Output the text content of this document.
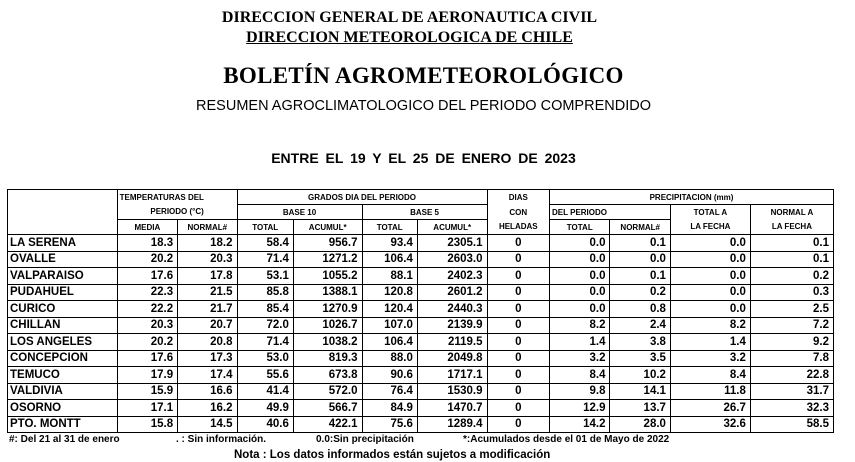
DIRECCION GENERAL DE AERONAUTICA CIVIL
DIRECCION METEOROLOGICA DE CHILE
BOLETÍN AGROMETEOROLÓGICO
RESUMEN AGROCLIMATOLOGICO DEL PERIODO COMPRENDIDO
ENTRE EL 19 Y EL 25 DE ENERO DE 2023
	TEMPERATURAS DEL		GRADOS DIA DEL PERIODO				DIAS	PRECIPITACION (mm)			
	PERIODO (°C)		BASE 10		BASE 5		CON	DEL PERIODO		TOTAL A	NORMAL A
	MEDIA	NORMAL#	TOTAL	ACUMUL*	TOTAL	ACUMUL*	HELADAS	TOTAL	NORMAL#	LA FECHA	LA FECHA
LA SERENA	18.3	18.2	58.4	956.7	93.4	2305.1	0	0.0	0.1	0.0	0.1
OVALLE	20.2	20.3	71.4	1271.2	106.4	2603.0	0	0.0	0.0	0.0	0.1
VALPARAISO	17.6	17.8	53.1	1055.2	88.1	2402.3	0	0.0	0.1	0.0	0.2
PUDAHUEL	22.3	21.5	85.8	1388.1	120.8	2601.2	0	0.0	0.2	0.0	0.3
CURICO	22.2	21.7	85.4	1270.9	120.4	2440.3	0	0.0	0.8	0.0	2.5
CHILLAN	20.3	20.7	72.0	1026.7	107.0	2139.9	0	8.2	2.4	8.2	7.2
LOS ANGELES	20.2	20.8	71.4	1038.2	106.4	2119.5	0	1.4	3.8	1.4	9.2
CONCEPCION	17.6	17.3	53.0	819.3	88.0	2049.8	0	3.2	3.5	3.2	7.8
TEMUCO	17.9	17.4	55.6	673.8	90.6	1717.1	0	8.4	10.2	8.4	22.8
VALDIVIA	15.9	16.6	41.4	572.0	76.4	1530.9	0	9.8	14.1	11.8	31.7
OSORNO	17.1	16.2	49.9	566.7	84.9	1470.7	0	12.9	13.7	26.7	32.3
PTO. MONTT	15.8	14.5	40.6	422.1	75.6	1289.4	0	14.2	28.0	32.6	58.5
#: Del 21 al 31 de enero	. : Sin información.	0.0:Sin precipitación	*:Acumulados desde el 01 de Mayo de 2022
Nota : Los datos informados están sujetos a modificación
